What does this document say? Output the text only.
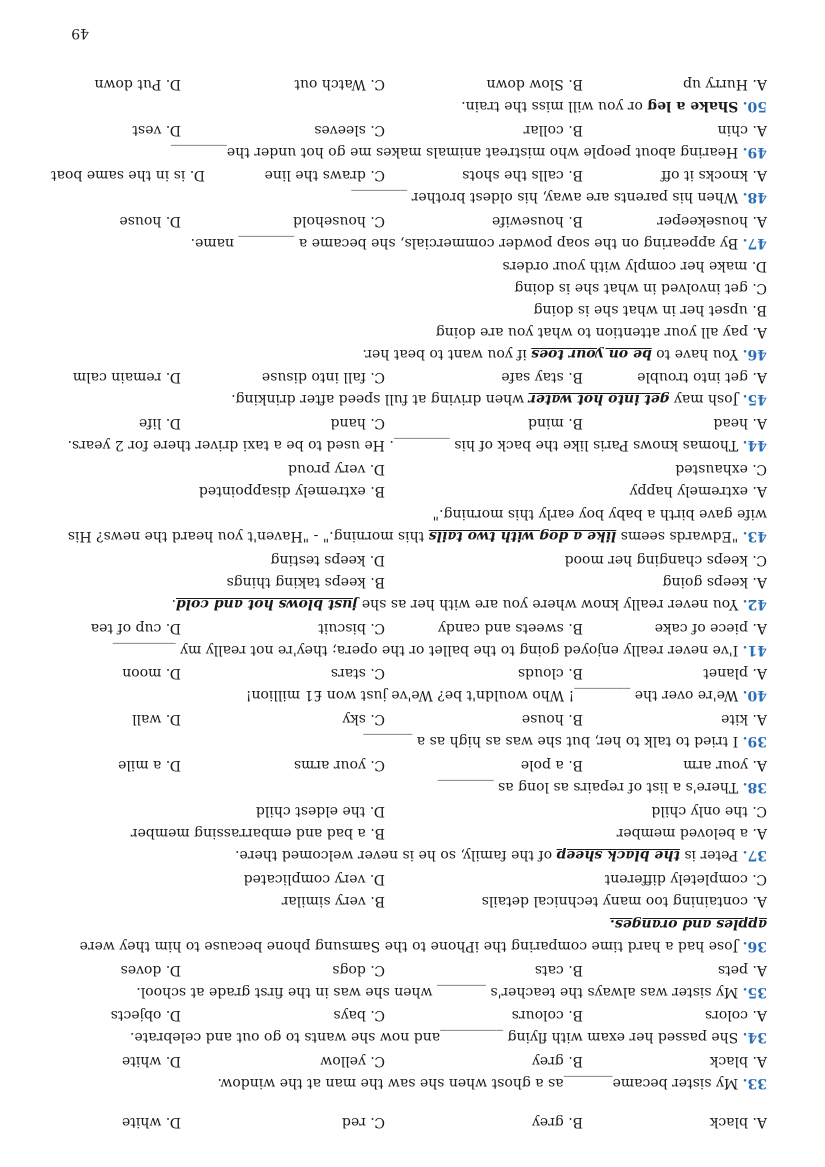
A. black
B. grey
C. red
D. white
33. My sister became_______as a ghost when she saw the man at the window.
A. black
B. grey
C. yellow
D. white
34. She passed her exam with flying _________and now she wants to go out and celebrate.
A. colors
B. colours
C. bays
D. objects
35. My sister was always the teacher's _______ when she was in the first grade at school.
A. pets
B. cats
C. dogs
D. doves
36. Jose had a hard time comparing the iPhone to the Samsung phone because to him they were
apples and oranges.
A. containing too many technical details
B. very similar
C. completely different
D. very complicated
37. Peter is the black sheep of the family, so he is never welcomed there.
A. a beloved member
B. a bad and embarrassing member
C. the only child
D. the eldest child
38. There's a list of repairs as long as ________
A. your arm
B. a pole
C. your arms
D. a mile
39. I tried to talk to her, but she was as high as a _______
A. kite
B. house
C. sky
D. wall
40. We're over the ________! Who wouldn't be? We've just won £1 million!
A. planet
B. clouds
C. stars
D. moon
41. I've never really enjoyed going to the ballet or the opera; they're not really my _________
A. piece of cake
B. sweets and candy
C. biscuit
D. cup of tea
42. You never really know where you are with her as she just blows hot and cold.
A. keeps going
B. keeps taking things
C. keeps changing her mood
D. keeps testing
43. "Edwards seems like a dog with two tails this morning." - "Haven't you heard the news? His
wife gave birth a baby boy early this morning."
A. extremely happy
B. extremely disappointed
C. exhausted
D. very proud
44. Thomas knows Paris like the back of his ________. He used to be a taxi driver there for 2 years.
A. head
B. mind
C. hand
D. life
45. Josh may get into hot water when driving at full speed after drinking.
A. get into trouble
B. stay safe
C. fall into disuse
D. remain calm
46. You have to be on your toes if you want to beat her.
A. pay all your attention to what you are doing
B. upset her in what she is doing
C. get involved in what she is doing
D. make her comply with your orders
47. By appearing on the soap powder commercials, she became a ________ name.
A. housekeeper
B. housewife
C. household
D. house
48. When his parents are away, his oldest brother ________
A. knocks it off
B. calls the shots
C. draws the line
D. is in the same boat
49. Hearing about people who mistreat animals makes me go hot under the________
A. chin
B. collar
C. sleeves
D. vest
50. Shake a leg or you will miss the train.
A. Hurry up
B. Slow down
C. Watch out
D. Put down
49
